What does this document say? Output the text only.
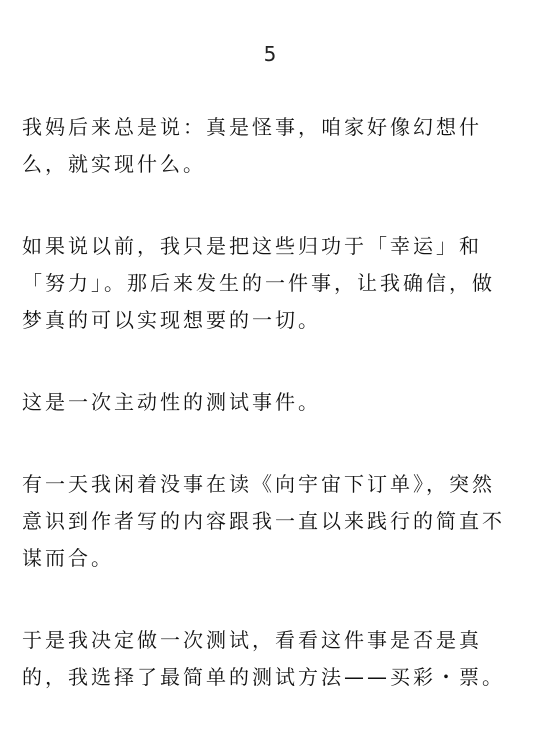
5

我妈后来总是说：真是怪事，咱家好像幻想什
么，就实现什么。

如果说以前，我只是把这些归功于「幸运」和
「努力」。那后来发生的一件事，让我确信，做
梦真的可以实现想要的一切。

这是一次主动性的测试事件。

有一天我闲着没事在读《向宇宙下订单》，突然
意识到作者写的内容跟我一直以来践行的简直不
谋而合。

于是我决定做一次测试，看看这件事是否是真
的，我选择了最简单的测试方法——买彩・票。
